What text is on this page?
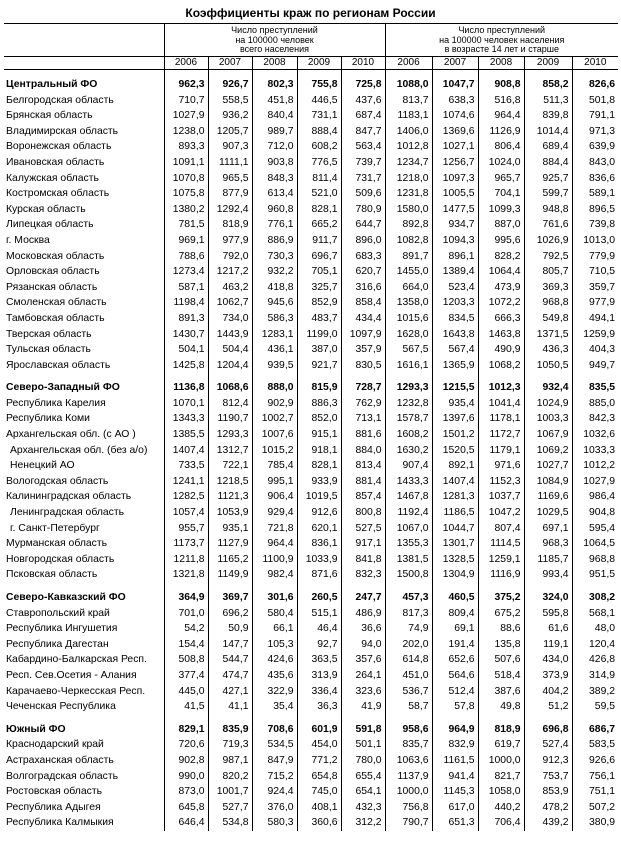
Коэффициенты краж по регионам России
	Число преступлений
на 100000 человек
всего населения					Число преступлений
на 100000 человек населения
в возрасте 14 лет и старше				
	2006	2007	2008	2009	2010	2006	2007	2008	2009	2010

Центральный ФО	962,3	926,7	802,3	755,8	725,8	1088,0	1047,7	908,8	858,2	826,6
Белгородская область	710,7	558,5	451,8	446,5	437,6	813,7	638,3	516,8	511,3	501,8
Брянская область	1027,9	936,2	840,4	731,1	687,4	1183,1	1074,6	964,4	839,8	791,1
Владимирская область	1238,0	1205,7	989,7	888,4	847,7	1406,0	1369,6	1126,9	1014,4	971,3
Воронежская область	893,3	907,3	712,0	608,2	563,4	1012,8	1027,1	806,4	689,4	639,9
Ивановская область	1091,1	1111,1	903,8	776,5	739,7	1234,7	1256,7	1024,0	884,4	843,0
Калужская область	1070,8	965,5	848,3	811,4	731,7	1218,0	1097,3	965,7	925,7	836,6
Костромская область	1075,8	877,9	613,4	521,0	509,6	1231,8	1005,5	704,1	599,7	589,1
Курская область	1380,2	1292,4	960,8	828,1	780,9	1580,0	1477,5	1099,3	948,8	896,5
Липецкая область	781,5	818,9	776,1	665,2	644,7	892,8	934,7	887,0	761,6	739,8
г. Москва	969,1	977,9	886,9	911,7	896,0	1082,8	1094,3	995,6	1026,9	1013,0
Московская область	788,6	792,0	730,3	696,7	683,3	891,7	896,1	828,2	792,5	779,9
Орловская область	1273,4	1217,2	932,2	705,1	620,7	1455,0	1389,4	1064,4	805,7	710,5
Рязанская область	587,1	463,2	418,8	325,7	316,6	664,0	523,4	473,9	369,3	359,7
Смоленская область	1198,4	1062,7	945,6	852,9	858,4	1358,0	1203,3	1072,2	968,8	977,9
Тамбовская область	891,3	734,0	586,3	483,7	434,4	1015,6	834,5	666,3	549,8	494,1
Тверская область	1430,7	1443,9	1283,1	1199,0	1097,9	1628,0	1643,8	1463,8	1371,5	1259,9
Тульская область	504,1	504,4	436,1	387,0	357,9	567,5	567,4	490,9	436,3	404,3
Ярославская область	1425,8	1204,4	939,5	921,7	830,5	1616,1	1365,9	1068,2	1050,5	949,7

Северо-Западный ФО	1136,8	1068,6	888,0	815,9	728,7	1293,3	1215,5	1012,3	932,4	835,5
Республика Карелия	1070,1	812,4	902,9	886,3	762,9	1232,8	935,4	1041,4	1024,9	885,0
Республика Коми	1343,3	1190,7	1002,7	852,0	713,1	1578,7	1397,6	1178,1	1003,3	842,3
Архангельская обл. (с АО )	1385,5	1293,3	1007,6	915,1	881,6	1608,2	1501,2	1172,7	1067,9	1032,6
Архангельская обл. (без а/о)	1407,4	1312,7	1015,2	918,1	884,0	1630,2	1520,5	1179,1	1069,2	1033,3
Ненецкий АО	733,5	722,1	785,4	828,1	813,4	907,4	892,1	971,6	1027,7	1012,2
Вологодская область	1241,1	1218,5	995,1	933,9	881,4	1433,3	1407,4	1152,3	1084,9	1027,9
Калининградская область	1282,5	1121,3	906,4	1019,5	857,4	1467,8	1281,3	1037,7	1169,6	986,4
Ленинградская область	1057,4	1053,9	929,4	912,6	800,8	1192,4	1186,5	1047,2	1029,5	904,8
г. Санкт-Петербург	955,7	935,1	721,8	620,1	527,5	1067,0	1044,7	807,4	697,1	595,4
Мурманская область	1173,7	1127,9	964,4	836,1	917,1	1355,3	1301,7	1114,5	968,3	1064,5
Новгородская область	1211,8	1165,2	1100,9	1033,9	841,8	1381,5	1328,5	1259,1	1185,7	968,8
Псковская область	1321,8	1149,9	982,4	871,6	832,3	1500,8	1304,9	1116,9	993,4	951,5

Северо-Кавказский ФО	364,9	369,7	301,6	260,5	247,7	457,3	460,5	375,2	324,0	308,2
Ставропольский край	701,0	696,2	580,4	515,1	486,9	817,3	809,4	675,2	595,8	568,1
Республика Ингушетия	54,2	50,9	66,1	46,4	36,6	74,9	69,1	88,6	61,6	48,0
Республика Дагестан	154,4	147,7	105,3	92,7	94,0	202,0	191,4	135,8	119,1	120,4
Кабардино-Балкарская Респ.	508,8	544,7	424,6	363,5	357,6	614,8	652,6	507,6	434,0	426,8
Респ. Сев.Осетия - Алания	377,4	474,7	435,6	313,9	264,1	451,0	564,6	518,4	373,9	314,9
Карачаево-Черкесская Респ.	445,0	427,1	322,9	336,4	323,6	536,7	512,4	387,6	404,2	389,2
Чеченская Республика	41,5	41,1	35,4	36,3	41,9	58,7	57,8	49,8	51,2	59,5

Южный ФО	829,1	835,9	708,6	601,9	591,8	958,6	964,9	818,9	696,8	686,7
Краснодарский край	720,6	719,3	534,5	454,0	501,1	835,7	832,9	619,7	527,4	583,5
Астраханская область	902,8	987,1	847,9	771,2	780,0	1063,6	1161,5	1000,0	912,3	926,6
Волгоградская область	990,0	820,2	715,2	654,8	655,4	1137,9	941,4	821,7	753,7	756,1
Ростовская область	873,0	1001,7	924,4	745,0	654,1	1000,0	1145,3	1058,0	853,9	751,1
Республика Адыгея	645,8	527,7	376,0	408,1	432,3	756,8	617,0	440,2	478,2	507,2
Республика Калмыкия	646,4	534,8	580,3	360,6	312,2	790,7	651,3	706,4	439,2	380,9
